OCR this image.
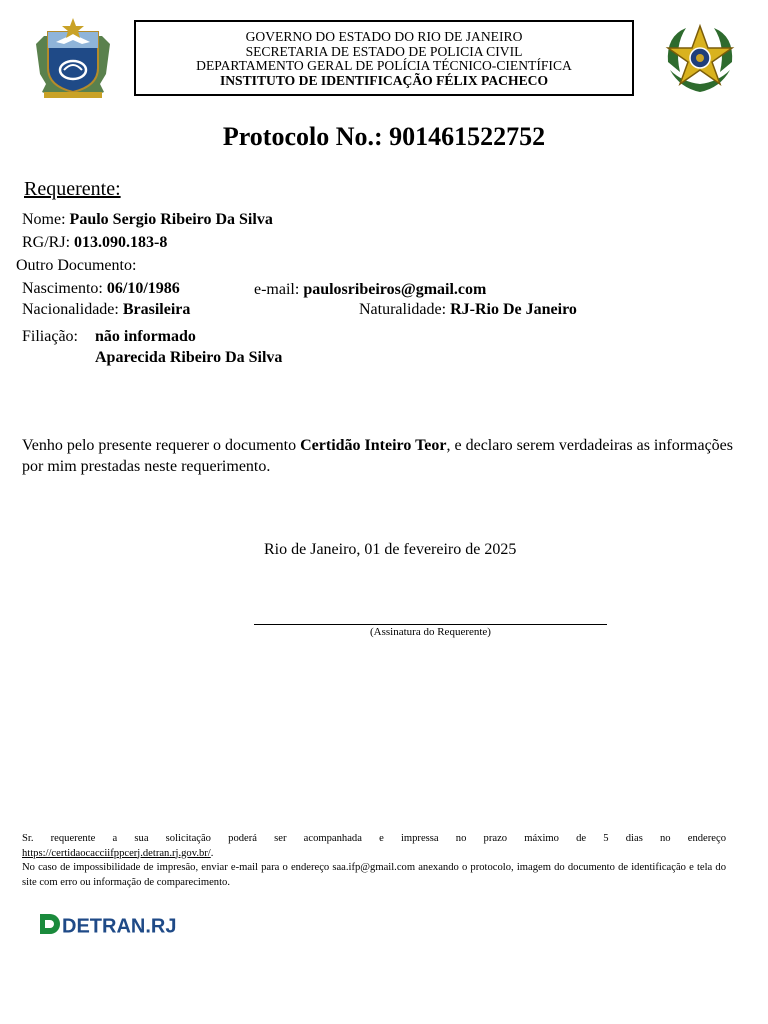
GOVERNO DO ESTADO DO RIO DE JANEIRO
SECRETARIA DE ESTADO DE POLICIA CIVIL
DEPARTAMENTO GERAL DE POLÍCIA TÉCNICO-CIENTÍFICA
INSTITUTO DE IDENTIFICAÇÃO FÉLIX PACHECO
Protocolo No.: 901461522752
Requerente:
Nome: Paulo Sergio Ribeiro Da Silva
RG/RJ: 013.090.183-8
Outro Documento:
Nascimento: 06/10/1986	e-mail: paulosribeiros@gmail.com
Nacionalidade: Brasileira	Naturalidade: RJ-Rio De Janeiro
Filiação: não informado
Aparecida Ribeiro Da Silva
Venho pelo presente requerer o documento Certidão Inteiro Teor, e declaro serem verdadeiras as informações por mim prestadas neste requerimento.
Rio de Janeiro, 01 de fevereiro de 2025
(Assinatura do Requerente)
Sr. requerente a sua solicitação poderá ser acompanhada e impressa no prazo máximo de 5 dias no endereço
https://certidaocacciifppcerj.detran.rj.gov.br/.
No caso de impossibilidade de impresão, enviar e-mail para o endereço saa.ifp@gmail.com anexando o protocolo, imagem do documento de identificação e tela do site com erro ou informação de comparecimento.
DETRAN.RJ
